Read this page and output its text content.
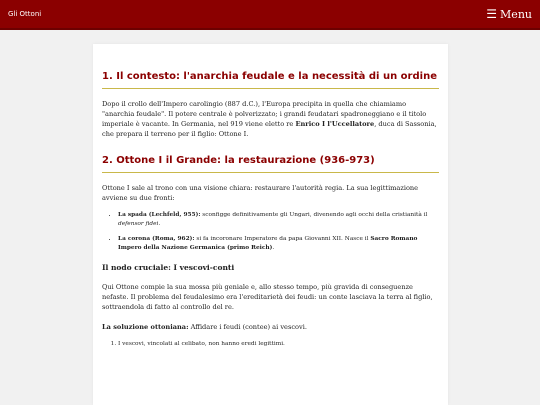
Gli Ottoni	☰ Menu
1. Il contesto: l'anarchia feudale e la necessità di un ordine

Dopo il crollo dell'Impero carolingio (887 d.C.), l'Europa precipita in quella che chiamiamo "anarchia feudale". Il potere centrale è polverizzato; i grandi feudatari spadroneggiano e il titolo imperiale è vacante. In Germania, nel 919 viene eletto re Enrico I l'Uccellatore, duca di Sassonia, che prepara il terreno per il figlio: Ottone I.

2. Ottone I il Grande: la restaurazione (936-973)

Ottone I sale al trono con una visione chiara: restaurare l'autorità regia. La sua legittimazione avviene su due fronti:

• La spada (Lechfeld, 955): sconfigge definitivamente gli Ungari, divenendo agli occhi della cristianità il defensor fidei.
• La corona (Roma, 962): si fa incoronare Imperatore da papa Giovanni XII. Nasce il Sacro Romano Impero della Nazione Germanica (primo Reich).
Il nodo cruciale: I vescovi-conti

Qui Ottone compie la sua mossa più geniale e, allo stesso tempo, più gravida di conseguenze nefaste. Il problema del feudalesimo era l'ereditarietà dei feudi: un conte lasciava la terra al figlio, sottraendola di fatto al controllo del re.

La soluzione ottoniana: Affidare i feudi (contee) ai vescovi.

1. I vescovi, vincolati al celibato, non hanno eredi legittimi.
